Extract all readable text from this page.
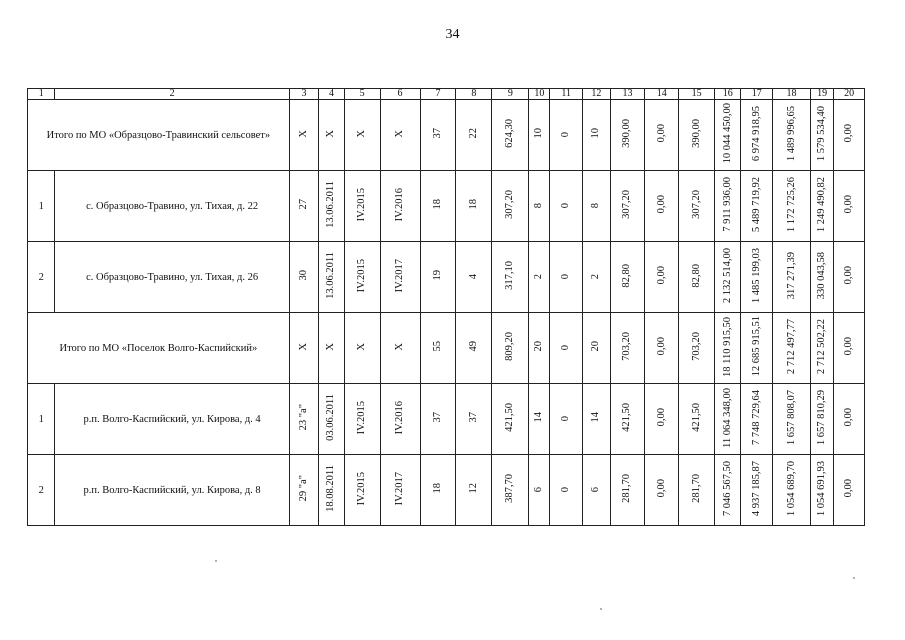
34
1	2	3	4	5	6	7	8	9	10	11	12	13	14	15	16	17	18	19	20
Итого по МО «Образцово-Травинский сельсовет»		X	X	X	X	37	22	624,30	10	0	10	390,00	0,00	390,00	10 044 450,00	6 974 918,95	1 489 996,65	1 579 534,40	0,00
1	с. Образцово-Травино, ул. Тихая, д. 22	27	13.06.2011	IV.2015	IV.2016	18	18	307,20	8	0	8	307,20	0,00	307,20	7 911 936,00	5 489 719,92	1 172 725,26	1 249 490,82	0,00
2	с. Образцово-Травино, ул. Тихая, д. 26	30	13.06.2011	IV.2015	IV.2017	19	4	317,10	2	0	2	82,80	0,00	82,80	2 132 514,00	1 485 199,03	317 271,39	330 043,58	0,00
Итого по МО «Поселок Волго-Каспийский»		X	X	X	X	55	49	809,20	20	0	20	703,20	0,00	703,20	18 110 915,50	12 685 915,51	2 712 497,77	2 712 502,22	0,00
1	р.п. Волго-Каспийский, ул. Кирова, д. 4	23 "а"	03.06.2011	IV.2015	IV.2016	37	37	421,50	14	0	14	421,50	0,00	421,50	11 064 348,00	7 748 729,64	1 657 808,07	1 657 810,29	0,00
2	р.п. Волго-Каспийский, ул. Кирова, д. 8	29 "а"	18.08.2011	IV.2015	IV.2017	18	12	387,70	6	0	6	281,70	0,00	281,70	7 046 567,50	4 937 185,87	1 054 689,70	1 054 691,93	0,00
